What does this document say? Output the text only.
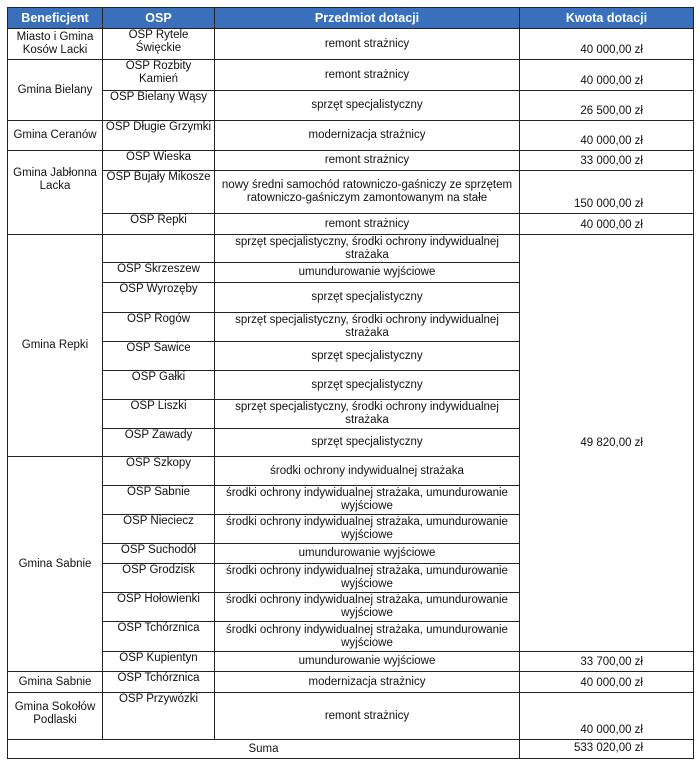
Beneficjent	OSP	Przedmiot dotacji	Kwota dotacji
Miasto i Gmina Kosów Lacki	OSP Rytele Święckie	remont strażnicy	40 000,00 zł
Gmina Bielany	OSP Rozbity Kamień	remont strażnicy	40 000,00 zł
	OSP Bielany Wąsy	sprzęt specjalistyczny	26 500,00 zł
Gmina Ceranów	OSP Długie Grzymki	modernizacja strażnicy	40 000,00 zł
Gmina Jabłonna Lacka	OSP Wieska	remont strażnicy	33 000,00 zł
	OSP Bujały Mikosze	nowy średni samochód ratowniczo-gaśniczy ze sprzętem ratowniczo-gaśniczym zamontowanym na stałe	150 000,00 zł
	OSP Repki	remont strażnicy	40 000,00 zł
Gmina Repki		sprzęt specjalistyczny, środki ochrony indywidualnej strażaka	49 820,00 zł
	OSP Skrzeszew	umundurowanie wyjściowe	
	OSP Wyrozęby	sprzęt specjalistyczny	
	OSP Rogów	sprzęt specjalistyczny, środki ochrony indywidualnej strażaka	
	OSP Sawice	sprzęt specjalistyczny	
	OSP Gałki	sprzęt specjalistyczny	
	OSP Liszki	sprzęt specjalistyczny, środki ochrony indywidualnej strażaka	
	OSP Zawady	sprzęt specjalistyczny	
Gmina Sabnie	OSP Szkopy	środki ochrony indywidualnej strażaka	
	OSP Sabnie	środki ochrony indywidualnej strażaka, umundurowanie wyjściowe	
	OSP Nieciecz	środki ochrony indywidualnej strażaka, umundurowanie wyjściowe	
	OSP Suchodół	umundurowanie wyjściowe	
	OSP Grodzisk	środki ochrony indywidualnej strażaka, umundurowanie wyjściowe	
	OSP Hołowienki	środki ochrony indywidualnej strażaka, umundurowanie wyjściowe	
	OSP Tchórznica	środki ochrony indywidualnej strażaka, umundurowanie wyjściowe	
	OSP Kupientyn	umundurowanie wyjściowe	33 700,00 zł
Gmina Sabnie	OSP Tchórznica	modernizacja strażnicy	40 000,00 zł
Gmina Sokołów Podlaski	OSP Przywózki	remont strażnicy	40 000,00 zł
Suma			533 020,00 zł
